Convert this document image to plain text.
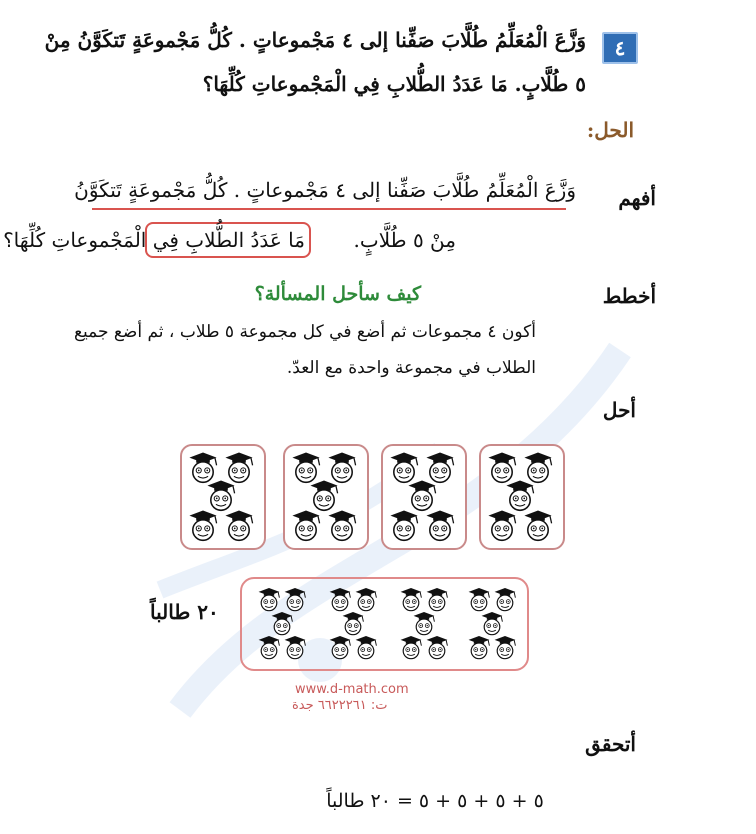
٤
وَزَّعَ الْمُعَلِّمُ طُلَّابَ صَفِّنا إلى ٤ مَجْموعاتٍ . كُلُّ مَجْموعَةٍ تَتكَوَّنُ مِنْ
٥ طُلَّابٍ. مَا عَدَدُ الطُّلابِ فِي الْمَجْموعاتِ كُلِّهَا؟
الحل:
أفهم
وَزَّعَ الْمُعَلِّمُ طُلَّابَ صَفِّنا إلى ٤ مَجْموعاتٍ . كُلُّ مَجْموعَةٍ تَتكَوَّنُ
مِنْ ٥ طُلَّابٍ.
مَا عَدَدُ الطُّلابِ فِي الْمَجْموعاتِ كُلِّهَا؟
أخطط
كيف سأحل المسألة؟
أكون ٤ مجموعات ثم أضع في كل مجموعة ٥ طلاب ، ثم أضع جميع
الطلاب في مجموعة واحدة مع العدّ.
أحل
٢٠ طالباً
www.d-math.com
ت: ٦٦٢٢٢٦١ جدة
أتحقق
٥ + ٥ + ٥ + ٥ = ٢٠ طالباً
